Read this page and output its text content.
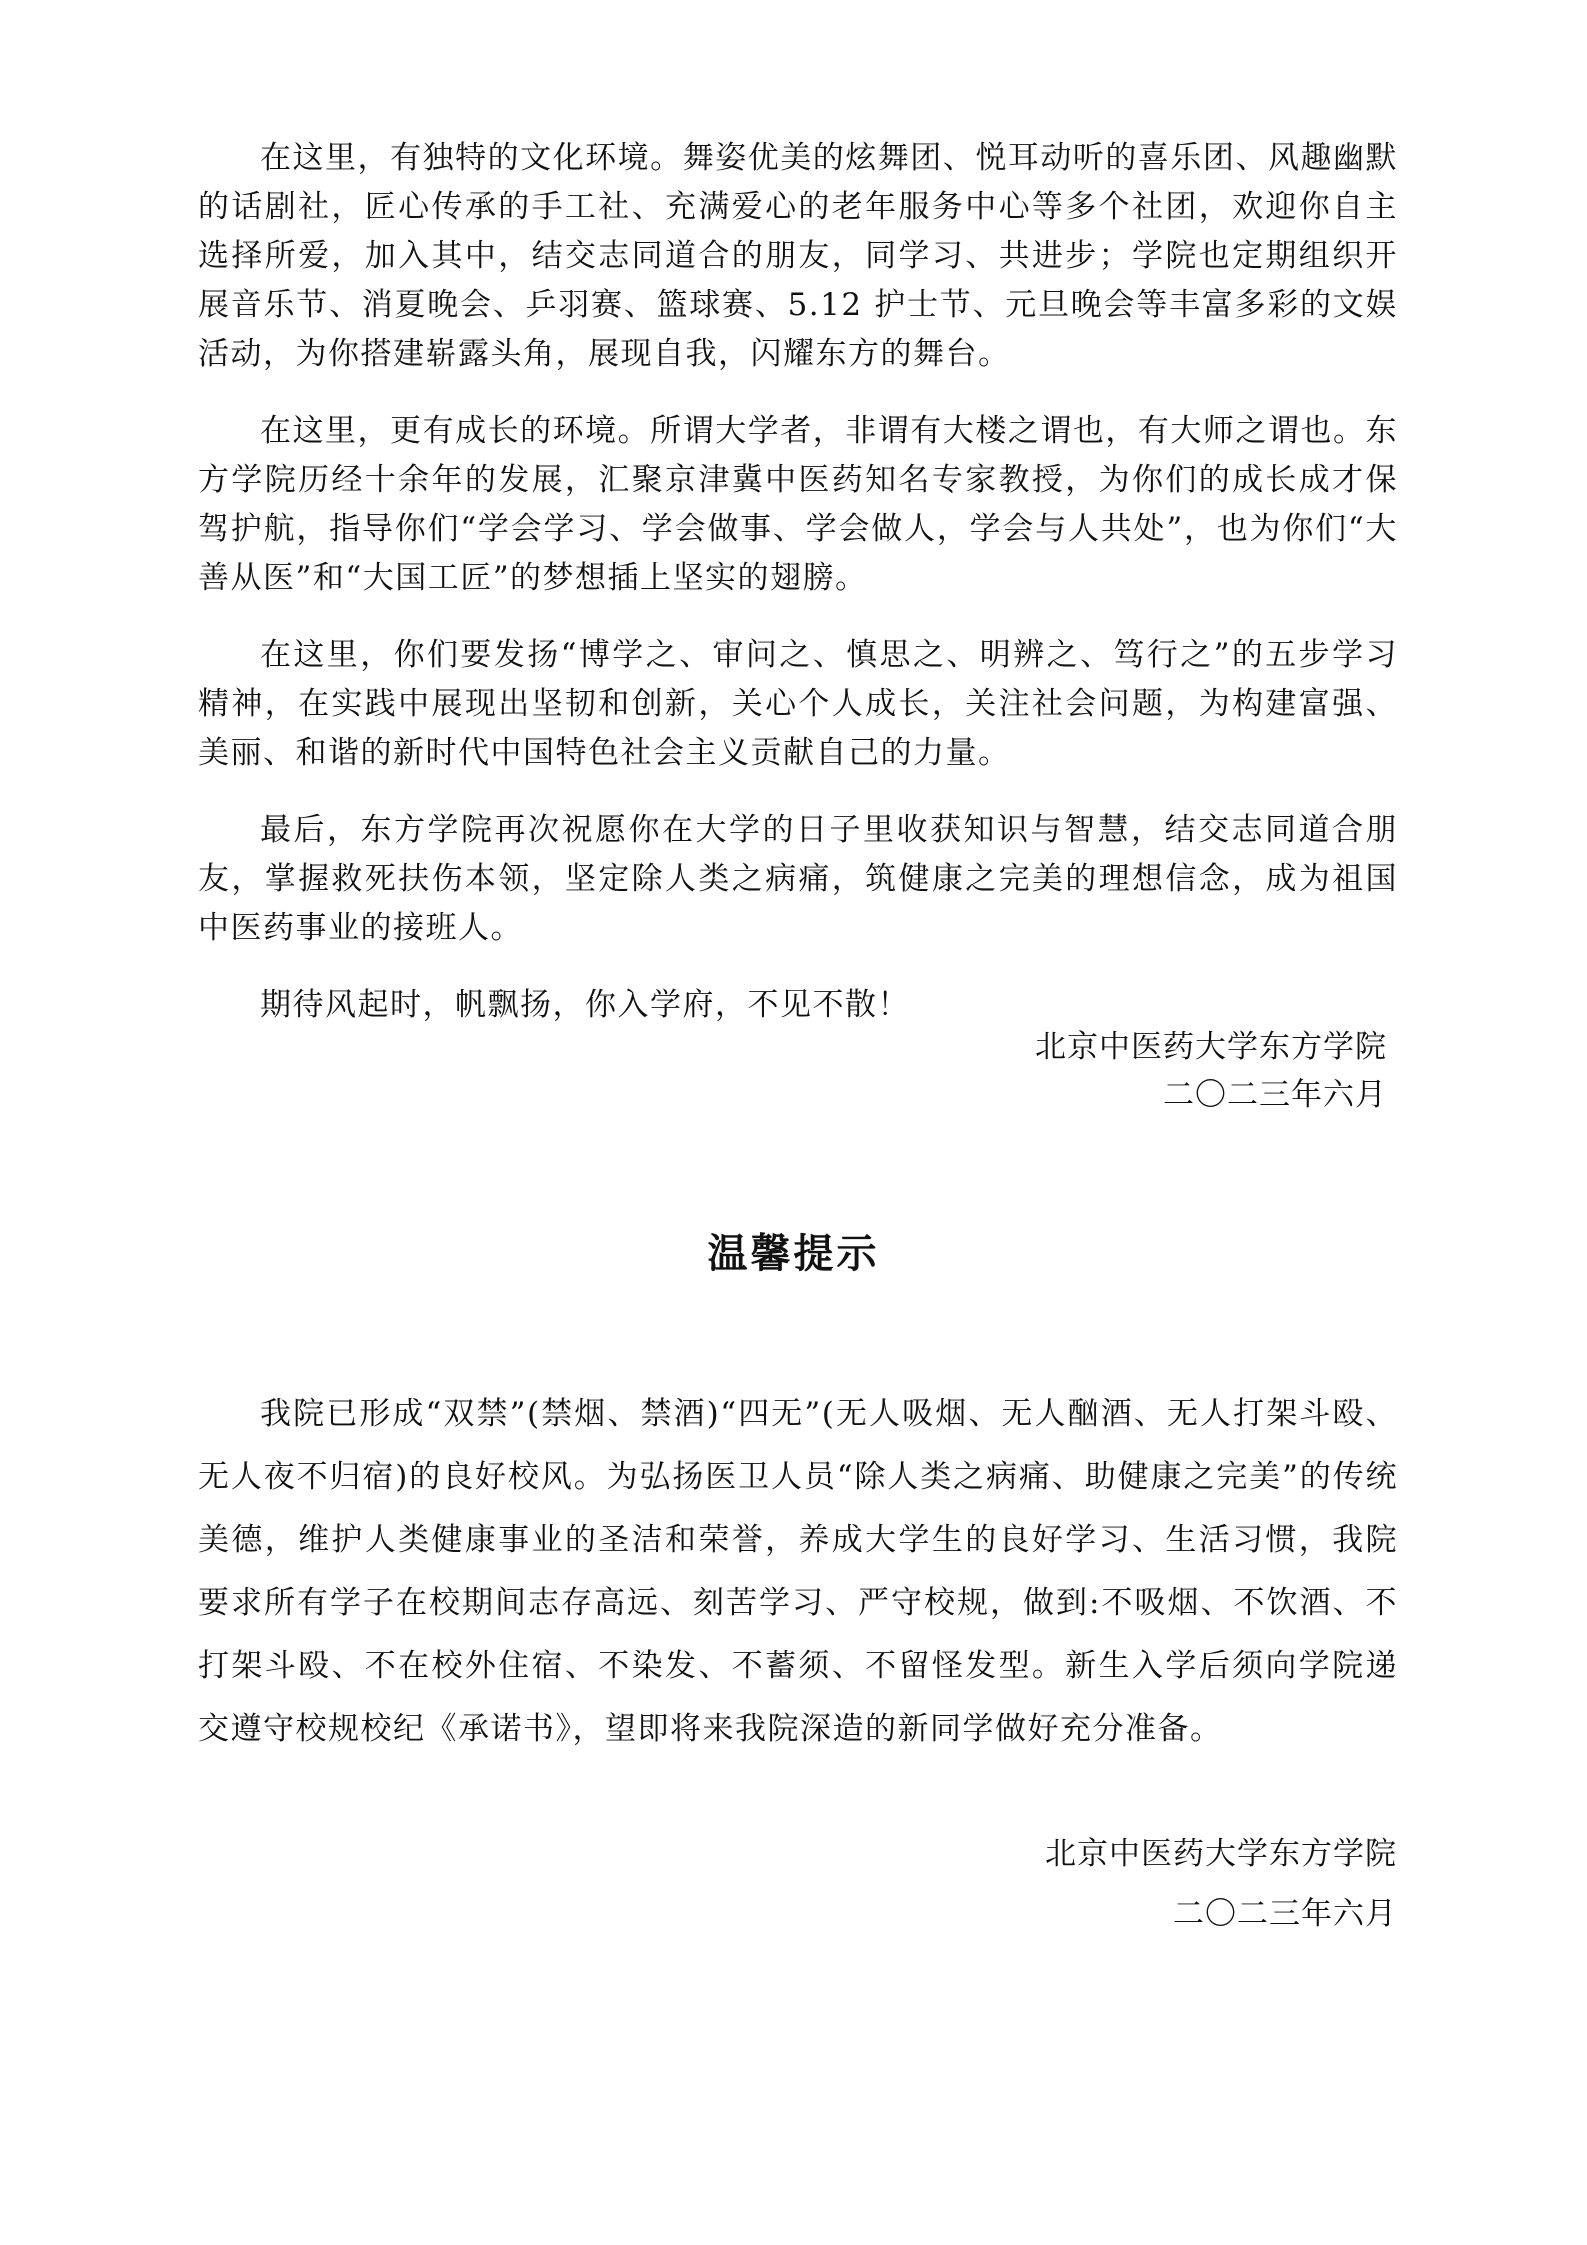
在这里，有独特的文化环境。舞姿优美的炫舞团、悦耳动听的喜乐团、风趣幽默的话剧社，匠心传承的手工社、充满爱心的老年服务中心等多个社团，欢迎你自主选择所爱，加入其中，结交志同道合的朋友，同学习、共进步；学院也定期组织开展音乐节、消夏晚会、乒羽赛、篮球赛、5.12 护士节、元旦晚会等丰富多彩的文娱活动，为你搭建崭露头角，展现自我，闪耀东方的舞台。

在这里，更有成长的环境。所谓大学者，非谓有大楼之谓也，有大师之谓也。东方学院历经十余年的发展，汇聚京津冀中医药知名专家教授，为你们的成长成才保驾护航，指导你们“学会学习、学会做事、学会做人，学会与人共处”，也为你们“大善从医”和“大国工匠”的梦想插上坚实的翅膀。

在这里，你们要发扬“博学之、审问之、慎思之、明辨之、笃行之”的五步学习精神，在实践中展现出坚韧和创新，关心个人成长，关注社会问题，为构建富强、美丽、和谐的新时代中国特色社会主义贡献自己的力量。

最后，东方学院再次祝愿你在大学的日子里收获知识与智慧，结交志同道合朋友，掌握救死扶伤本领，坚定除人类之病痛，筑健康之完美的理想信念，成为祖国中医药事业的接班人。

期待风起时，帆飘扬，你入学府，不见不散！

北京中医药大学东方学院
二〇二三年六月
温馨提示

我院已形成“双禁”(禁烟、禁酒)“四无”(无人吸烟、无人酗酒、无人打架斗殴、无人夜不归宿)的良好校风。为弘扬医卫人员“除人类之病痛、助健康之完美”的传统美德，维护人类健康事业的圣洁和荣誉，养成大学生的良好学习、生活习惯，我院要求所有学子在校期间志存高远、刻苦学习、严守校规，做到:不吸烟、不饮酒、不打架斗殴、不在校外住宿、不染发、不蓄须、不留怪发型。新生入学后须向学院递交遵守校规校纪《承诺书》，望即将来我院深造的新同学做好充分准备。

北京中医药大学东方学院
二〇二三年六月
